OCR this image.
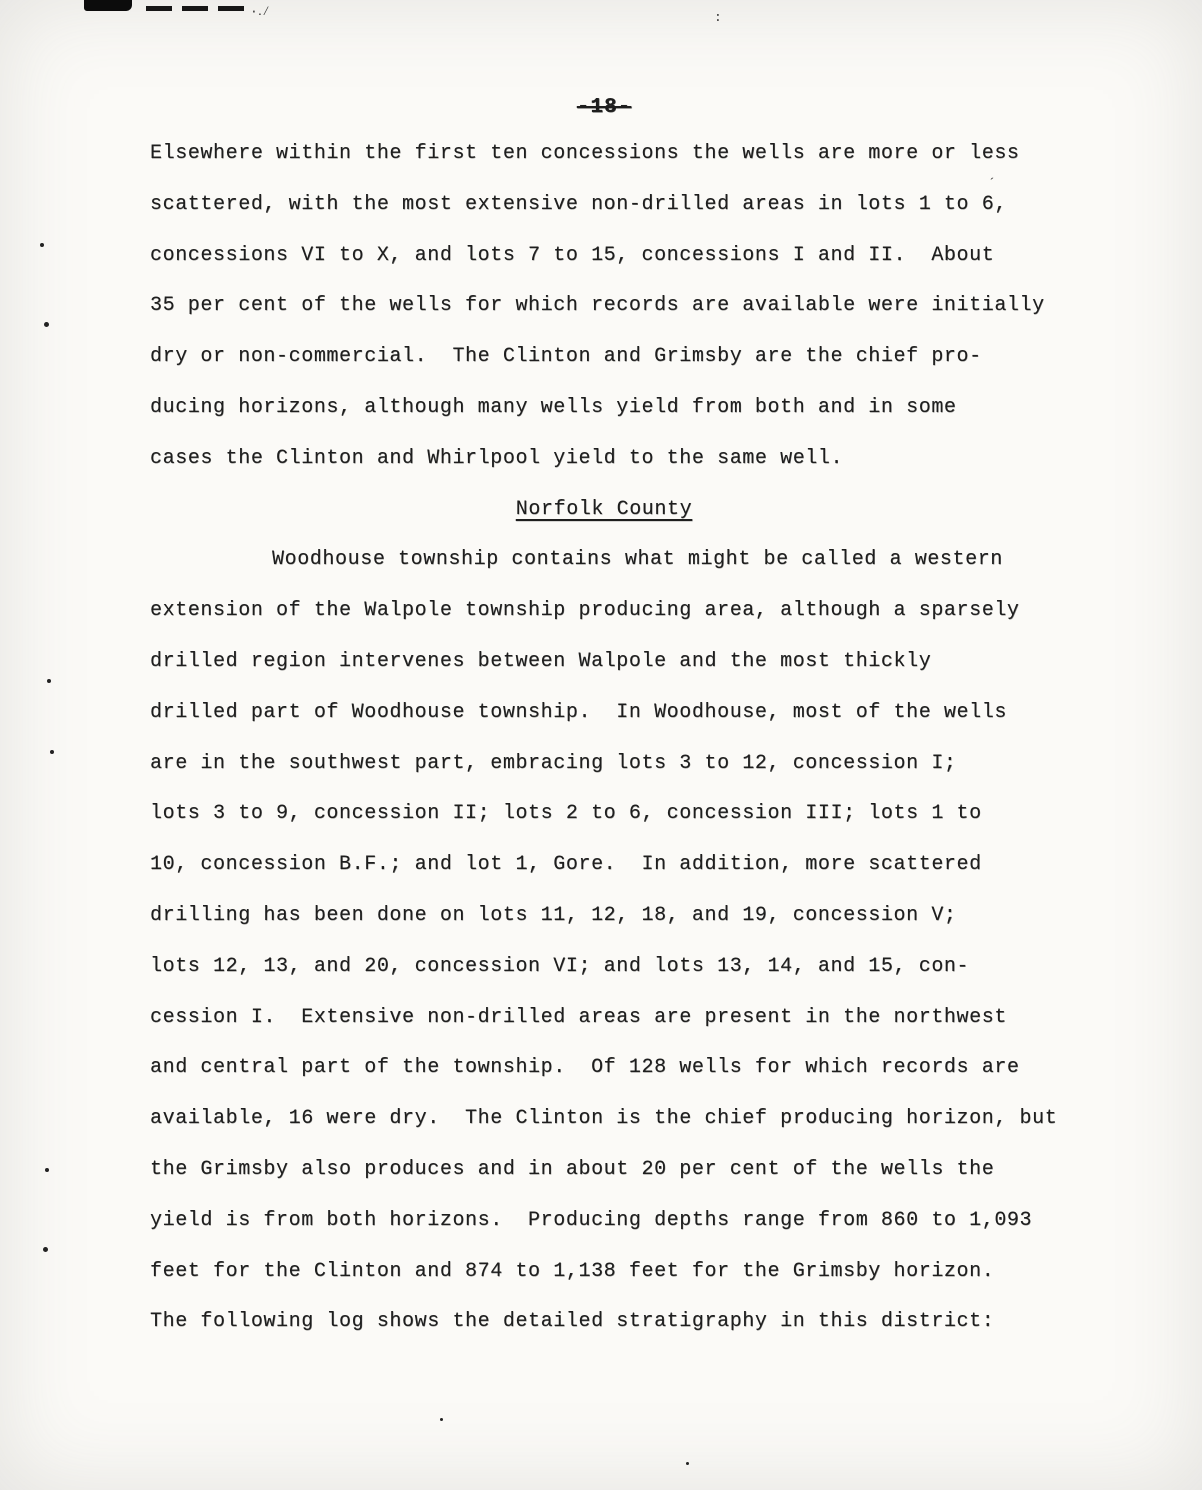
·․∕	:
´
-18-
Elsewhere within the first ten concessions the wells are more or less
scattered, with the most extensive non-drilled areas in lots 1 to 6,
concessions VI to X, and lots 7 to 15, concessions I and II.  About
35 per cent of the wells for which records are available were initially
dry or non-commercial.  The Clinton and Grimsby are the chief pro-
ducing horizons, although many wells yield from both and in some
cases the Clinton and Whirlpool yield to the same well.
Norfolk County
Woodhouse township contains what might be called a western
extension of the Walpole township producing area, although a sparsely
drilled region intervenes between Walpole and the most thickly
drilled part of Woodhouse township.  In Woodhouse, most of the wells
are in the southwest part, embracing lots 3 to 12, concession I;
lots 3 to 9, concession II; lots 2 to 6, concession III; lots 1 to
10, concession B.F.; and lot 1, Gore.  In addition, more scattered
drilling has been done on lots 11, 12, 18, and 19, concession V;
lots 12, 13, and 20, concession VI; and lots 13, 14, and 15, con-
cession I.  Extensive non-drilled areas are present in the northwest
and central part of the township.  Of 128 wells for which records are
available, 16 were dry.  The Clinton is the chief producing horizon, but
the Grimsby also produces and in about 20 per cent of the wells the
yield is from both horizons.  Producing depths range from 860 to 1,093
feet for the Clinton and 874 to 1,138 feet for the Grimsby horizon.
The following log shows the detailed stratigraphy in this district:
